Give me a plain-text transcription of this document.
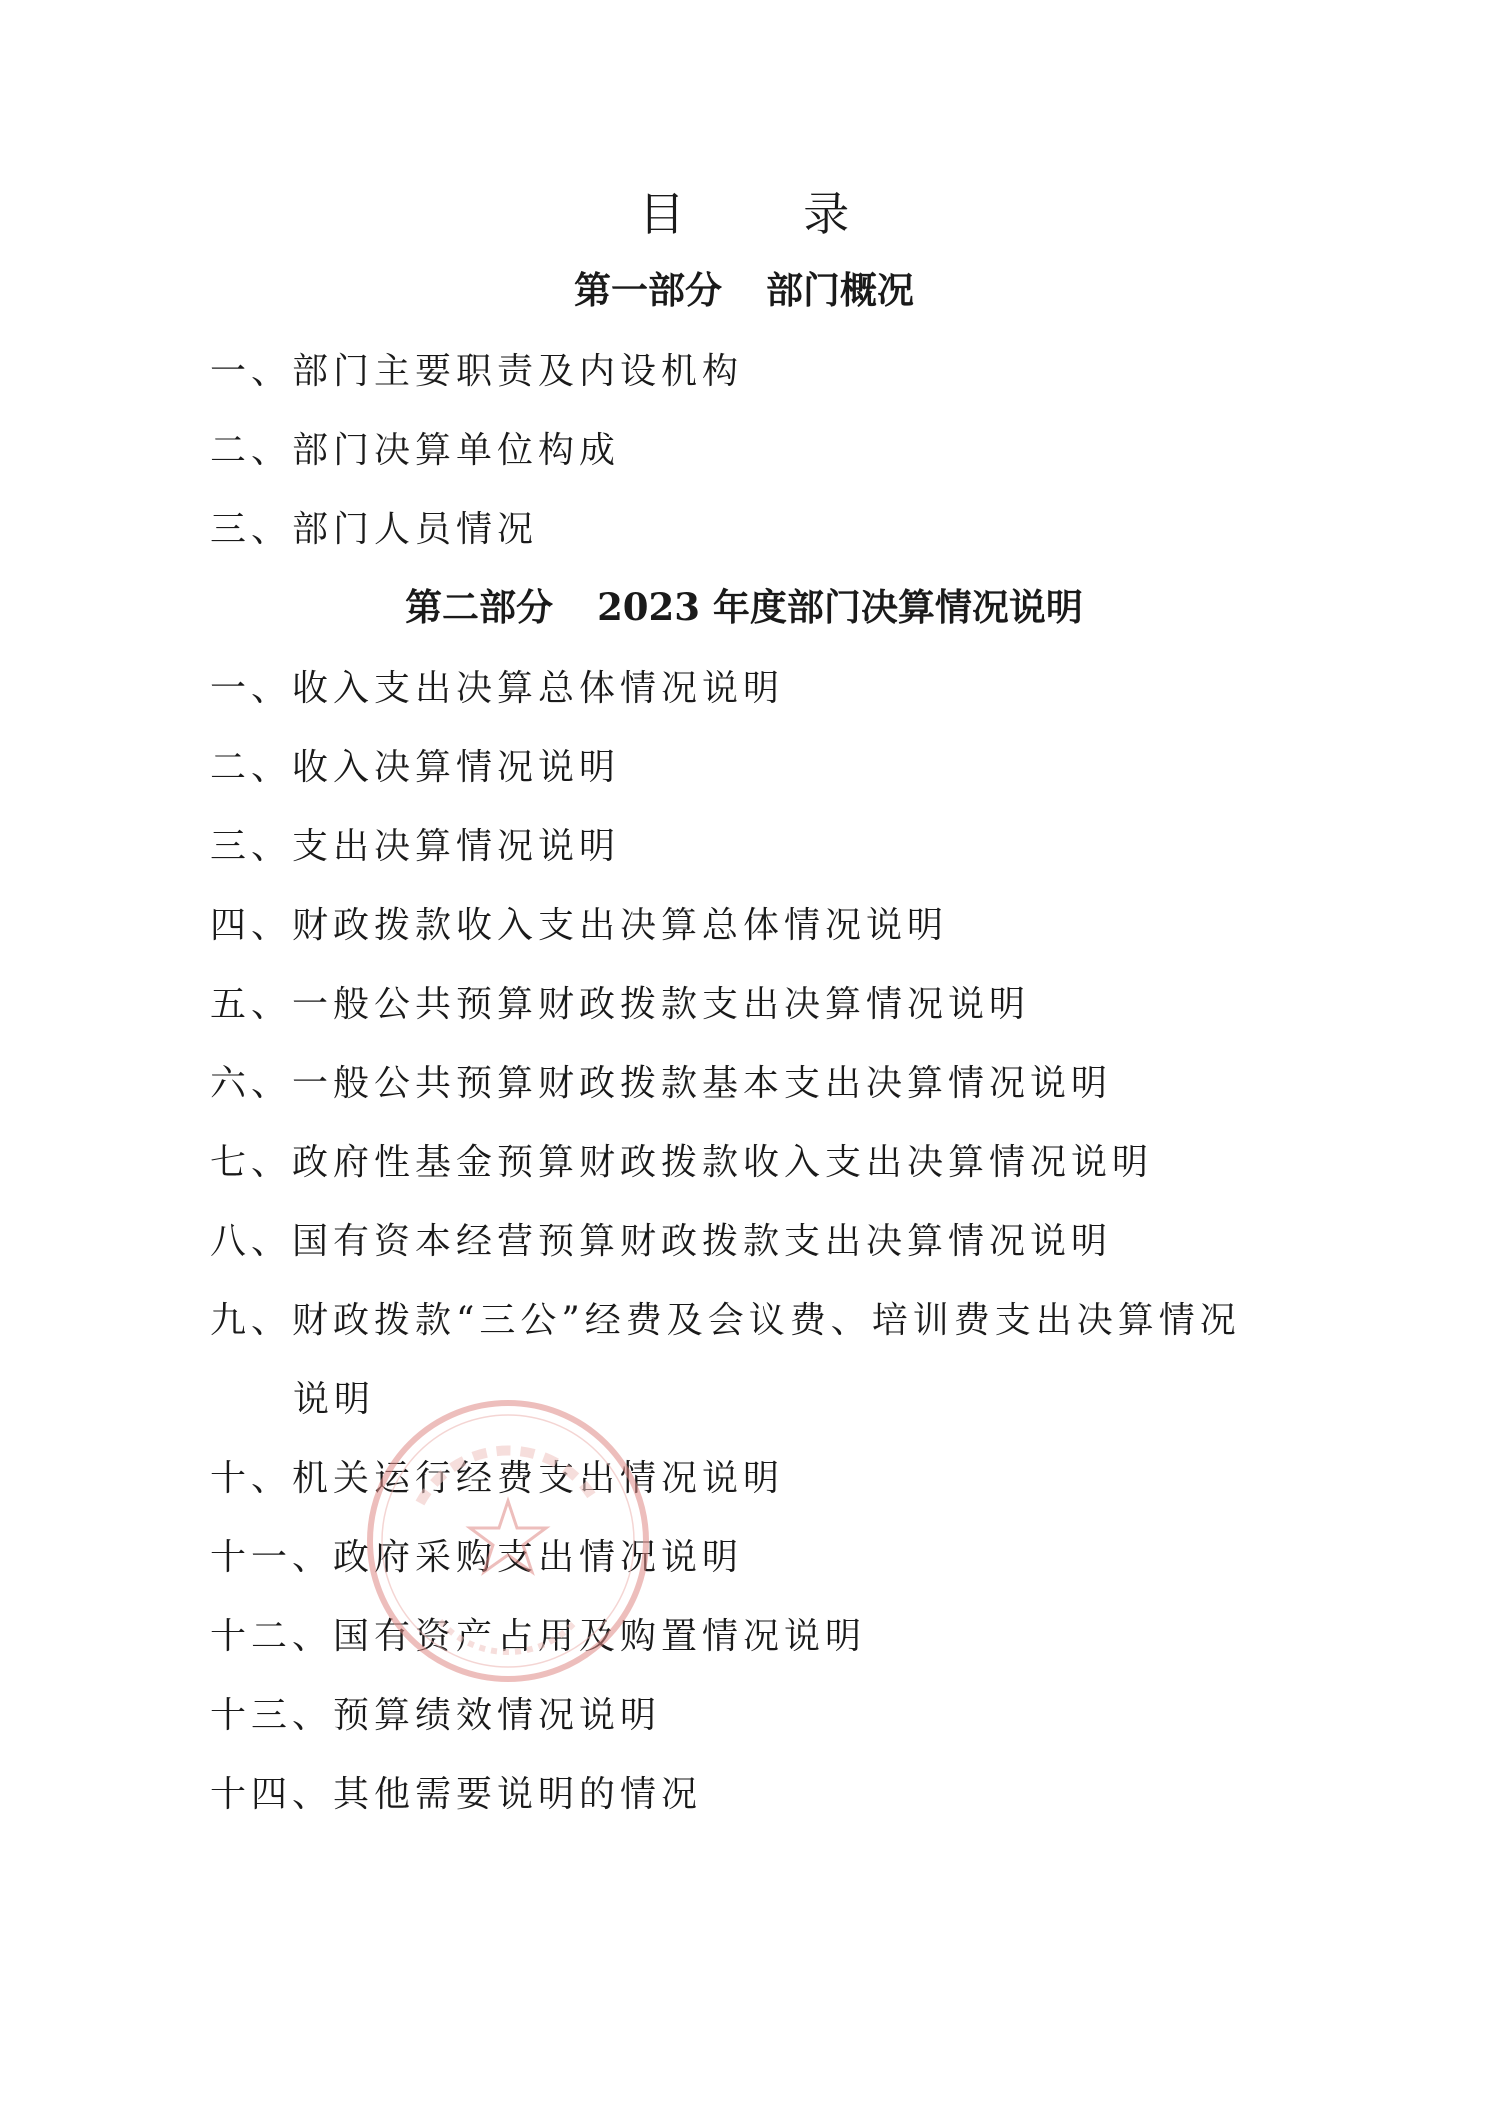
目 录
第一部分 部门概况
一、部门主要职责及内设机构
二、部门决算单位构成
三、部门人员情况
第二部分 2023 年度部门决算情况说明
一、收入支出决算总体情况说明
二、收入决算情况说明
三、支出决算情况说明
四、财政拨款收入支出决算总体情况说明
五、一般公共预算财政拨款支出决算情况说明
六、一般公共预算财政拨款基本支出决算情况说明
七、政府性基金预算财政拨款收入支出决算情况说明
八、国有资本经营预算财政拨款支出决算情况说明
九、财政拨款“三公”经费及会议费、培训费支出决算情况
说明
十、机关运行经费支出情况说明
十一、政府采购支出情况说明
十二、国有资产占用及购置情况说明
十三、预算绩效情况说明
十四、其他需要说明的情况
